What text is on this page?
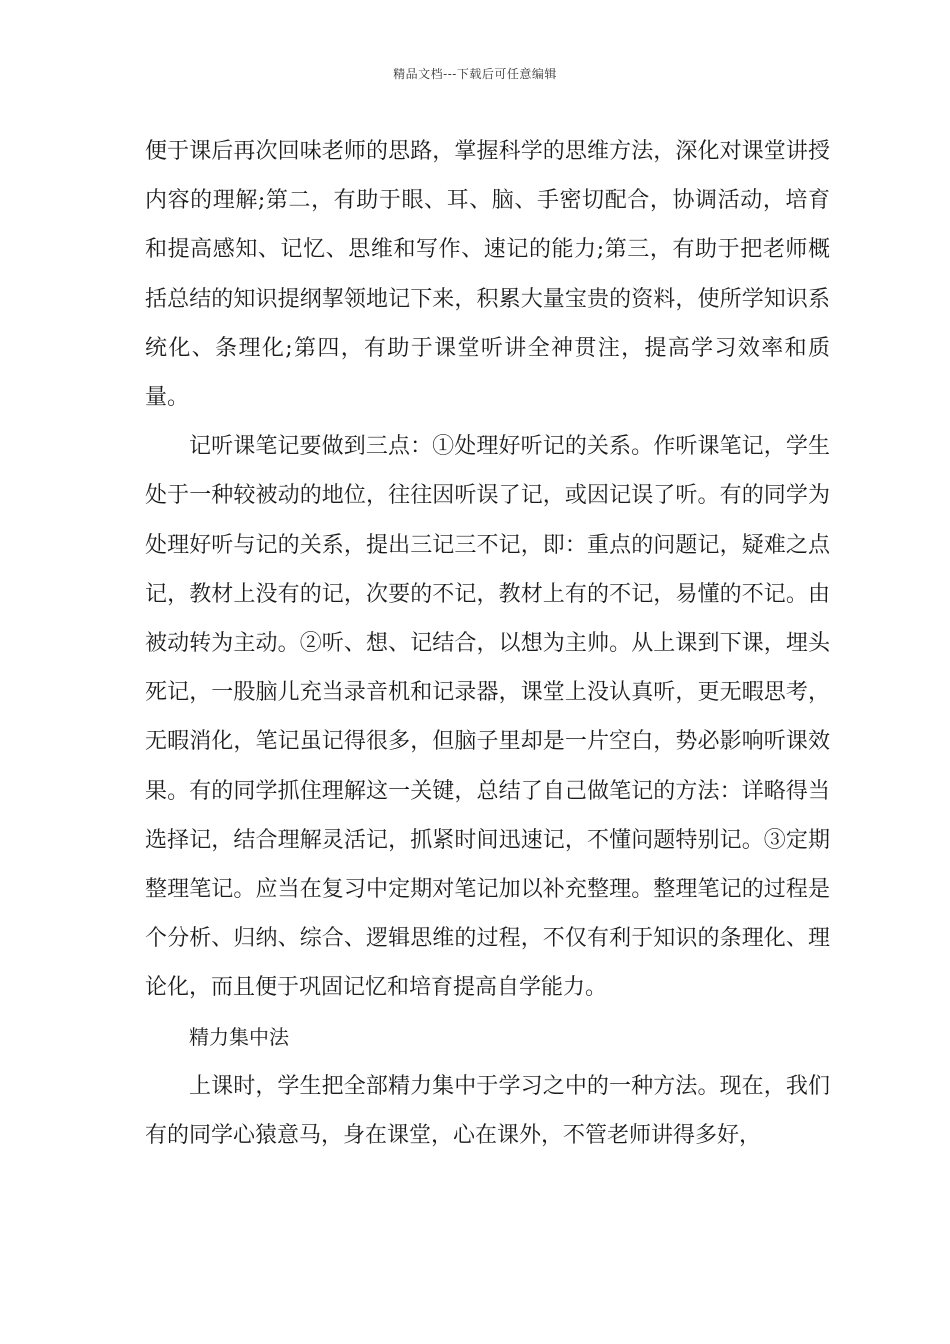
精品文档---下载后可任意编辑

便于课后再次回味老师的思路，掌握科学的思维方法，深化对课堂讲授内容的理解;第二，有助于眼、耳、脑、手密切配合，协调活动，培育和提高感知、记忆、思维和写作、速记的能力;第三，有助于把老师概括总结的知识提纲挈领地记下来，积累大量宝贵的资料，使所学知识系统化、条理化;第四，有助于课堂听讲全神贯注，提高学习效率和质量。

记听课笔记要做到三点：①处理好听记的关系。作听课笔记，学生处于一种较被动的地位，往往因听误了记，或因记误了听。有的同学为处理好听与记的关系，提出三记三不记，即：重点的问题记，疑难之点记，教材上没有的记，次要的不记，教材上有的不记，易懂的不记。由被动转为主动。②听、想、记结合，以想为主帅。从上课到下课，埋头死记，一股脑儿充当录音机和记录器，课堂上没认真听，更无暇思考，无暇消化，笔记虽记得很多，但脑子里却是一片空白，势必影响听课效果。有的同学抓住理解这一关键，总结了自己做笔记的方法：详略得当选择记，结合理解灵活记，抓紧时间迅速记，不懂问题特别记。③定期整理笔记。应当在复习中定期对笔记加以补充整理。整理笔记的过程是个分析、归纳、综合、逻辑思维的过程，不仅有利于知识的条理化、理论化，而且便于巩固记忆和培育提高自学能力。

精力集中法

上课时，学生把全部精力集中于学习之中的一种方法。现在，我们有的同学心猿意马，身在课堂，心在课外，不管老师讲得多好，
